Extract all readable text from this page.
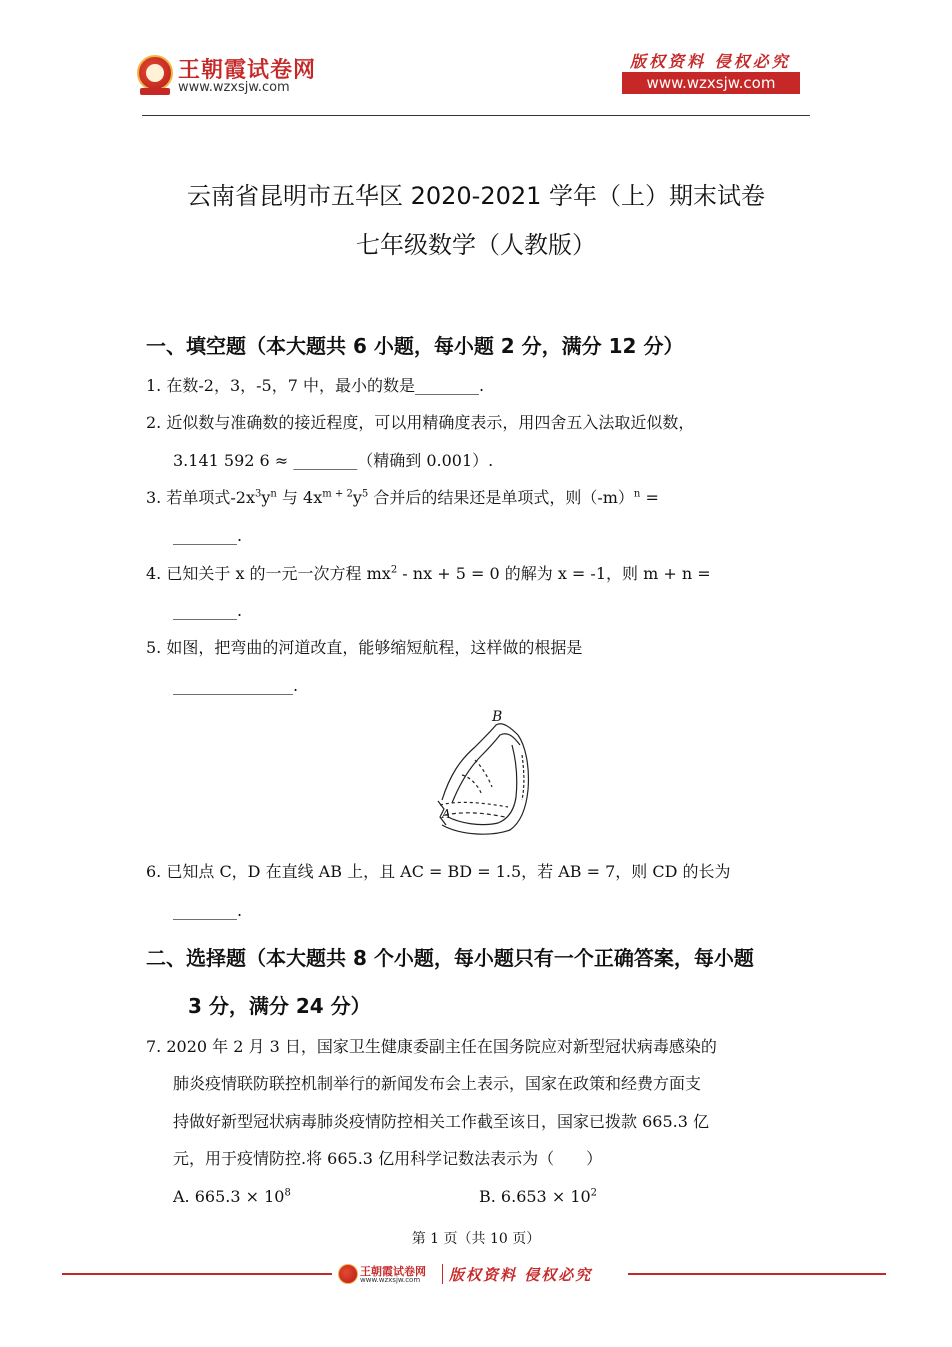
王朝霞试卷网
www.wzxsjw.com
版权资料 侵权必究
www.wzxsjw.com
云南省昆明市五华区 2020-2021 学年（上）期末试卷
七年级数学（人教版）
一、填空题（本大题共 6 小题，每小题 2 分，满分 12 分）
1. 在数-2，3，-5，7 中，最小的数是________.
2. 近似数与准确数的接近程度，可以用精确度表示，用四舍五入法取近似数，
3.141 592 6 ≈ ________（精确到 0.001）.
3. 若单项式$-2x^3y^n$ 与 $4x^{m + 2}y^5$ 合并后的结果还是单项式，则$(-m)^n$ =
________.
4. 已知关于 x 的一元一次方程 $mx^2$ - nx + 5 = 0 的解为 x = -1，则 m + n =
________.
5. 如图，把弯曲的河道改直，能够缩短航程，这样做的根据是
_______________.
B
A
6. 已知点 C，D 在直线 AB 上，且 AC = BD = 1.5，若 AB = 7，则 CD 的长为
________.
二、选择题（本大题共 8 个小题，每小题只有一个正确答案，每小题
3 分，满分 24 分）
7. 2020 年 2 月 3 日，国家卫生健康委副主任在国务院应对新型冠状病毒感染的
肺炎疫情联防联控机制举行的新闻发布会上表示，国家在政策和经费方面支
持做好新型冠状病毒肺炎疫情防控相关工作截至该日，国家已拨款 665.3 亿
元，用于疫情防控.将 665.3 亿用科学记数法表示为（　　）
A. $665.3 \times 10^8$	B. $6.653 \times 10^2$
第 1 页（共 10 页）
王朝霞试卷网
www.wzxsjw.com 版权资料 侵权必究
